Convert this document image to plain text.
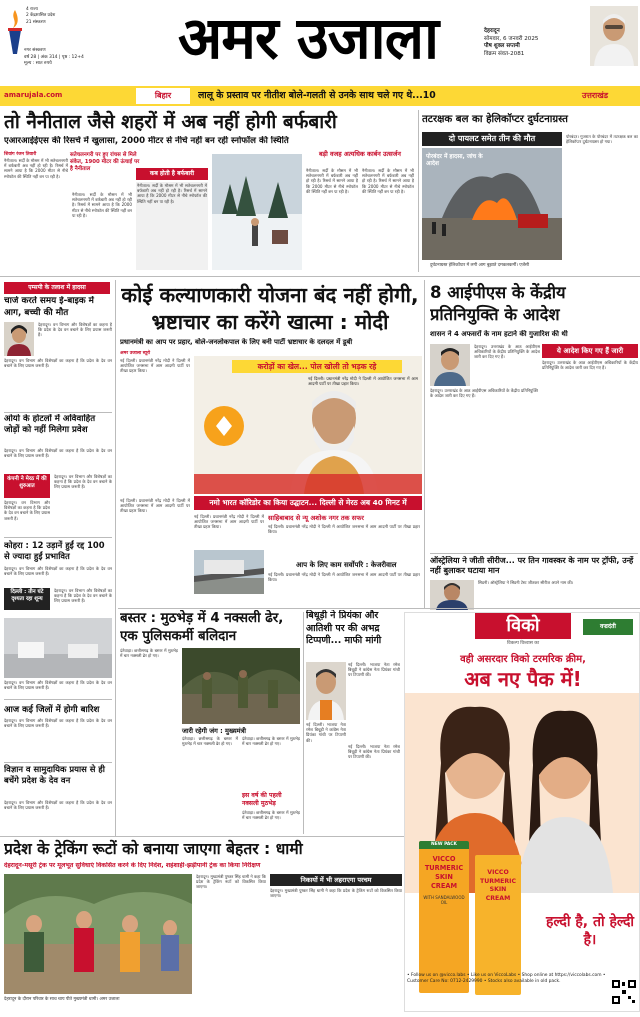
4 राज्य
2 केंद्रशासित प्रदेश
21 संस्करण
नगर संस्करण
वर्ष 28 | अंक 314 | पृष्ठ : 12+4
मूल्य : सात रुपये	अमर उजाला	देहरादून
सोमवार, 6 जनवरी 2025
पौष शुक्ल सप्तमी
विक्रम संवत-2081
amarujala.com	बिहार	लालू के प्रस्ताव पर नीतीश बोले-गलती से उनके साथ चले गए थे...10	उत्तराखंड
तो नैनीताल जैसे शहरों में अब नहीं होगी बर्फबारी
एआरआईईएस की रिसर्च में खुलासा, 2000 मीटर से नीचे नहीं बन रही स्नोफॉल की स्थिति
शिवांग रंजन तिवारी
नैनीताल। सर्दी के मौसम में भी सतेचलनगरी में बर्फबारी अब नहीं हो रही है। रिसर्च में सामने आया है कि 2000 मीटर से नीचे स्नोफॉल की स्थिति नहीं बन पा रही है।
नैनीताल। सर्दी के मौसम में भी सतेचलनगरी में बर्फबारी अब नहीं हो रही है। रिसर्च में सामने आया है कि 2000 मीटर से नीचे स्नोफॉल की स्थिति नहीं बन पा रही है।
सतेचलनगरी पर हुए रांचस से मिले संकेत, 1900 मीटर की ऊंचाई पर है नैनीताल
कब होती है बर्फबारी
नैनीताल। सर्दी के मौसम में भी सतेचलनगरी में बर्फबारी अब नहीं हो रही है। रिसर्च में सामने आया है कि 2000 मीटर से नीचे स्नोफॉल की स्थिति नहीं बन पा रही है।
बड़ी वजह अत्यधिक कार्बन उत्सर्जन
नैनीताल। सर्दी के मौसम में भी सतेचलनगरी में बर्फबारी अब नहीं हो रही है। रिसर्च में सामने आया है कि 2000 मीटर से नीचे स्नोफॉल की स्थिति नहीं बन पा रही है।
नैनीताल। सर्दी के मौसम में भी सतेचलनगरी में बर्फबारी अब नहीं हो रही है। रिसर्च में सामने आया है कि 2000 मीटर से नीचे स्नोफॉल की स्थिति नहीं बन पा रही है।
तटरक्षक बल का हेलिकॉप्टर दुर्घटनाग्रस्त
दो पायलट समेत तीन की मौत
पोरबंदर में हादसा, जांच के आदेश
पोरबंदर। गुजरात के पोरबंदर में तटरक्षक बल का हेलिकॉप्टर दुर्घटनाग्रस्त हो गया।
दुर्घटनाग्रस्त हेलिकॉप्टर में लगी आग बुझाते दमकलकर्मी। एजेंसी
एम्सपी के तलाश में हादसा
चार्ज करते समय ई-बाइक में आग, बच्ची की मौत
देहरादून। वन विभाग और विशेषज्ञों का कहना है कि प्रदेश के देव वन बचाने के लिए प्रयास जरूरी हैं।
देहरादून। वन विभाग और विशेषज्ञों का कहना है कि प्रदेश के देव वन बचाने के लिए प्रयास जरूरी हैं।
ओयो के होटलों में अविवाहित जोड़ों को नहीं मिलेगा प्रवेश
कंपनी ने मेरठ में की शुरुआत
देहरादून। वन विभाग और विशेषज्ञों का कहना है कि प्रदेश के देव वन बचाने के लिए प्रयास जरूरी हैं।
देहरादून। वन विभाग और विशेषज्ञों का कहना है कि प्रदेश के देव वन बचाने के लिए प्रयास जरूरी हैं।
देहरादून। वन विभाग और विशेषज्ञों का कहना है कि प्रदेश के देव वन बचाने के लिए प्रयास जरूरी हैं।
कोहरा : 12 उड़ानें हुईं रद्द 100 से ज्यादा हुईं प्रभावित
देहरादून। वन विभाग और विशेषज्ञों का कहना है कि प्रदेश के देव वन बचाने के लिए प्रयास जरूरी हैं।
दिल्ली : तीन घंटे दृश्यता रहा शून्य
देहरादून। वन विभाग और विशेषज्ञों का कहना है कि प्रदेश के देव वन बचाने के लिए प्रयास जरूरी हैं।
देहरादून। वन विभाग और विशेषज्ञों का कहना है कि प्रदेश के देव वन बचाने के लिए प्रयास जरूरी हैं।
आज कई जिलों में होगी बारिश
देहरादून। वन विभाग और विशेषज्ञों का कहना है कि प्रदेश के देव वन बचाने के लिए प्रयास जरूरी हैं।
विज्ञान व सामुदायिक प्रयास से ही बचेंगे प्रदेश के देव वन
देहरादून। वन विभाग और विशेषज्ञों का कहना है कि प्रदेश के देव वन बचाने के लिए प्रयास जरूरी हैं।
कोई कल्याणकारी योजना बंद नहीं होगी, भ्रष्टाचार का करेंगे खात्मा : मोदी
प्रधानमंत्री का आप पर प्रहार, बोले-जनलोकपाल के लिए बनी पार्टी भ्रष्टाचार के दलदल में डूबी
अमर उजाला ब्यूरो
नई दिल्ली। प्रधानमंत्री नरेंद्र मोदी ने दिल्ली में आयोजित जनसभा में आम आदमी पार्टी पर तीखा प्रहार किया।	करोड़ों का खेल... पोल खोली तो भड़क रहे
नई दिल्ली। प्रधानमंत्री नरेंद्र मोदी ने दिल्ली में आयोजित जनसभा में आम आदमी पार्टी पर तीखा प्रहार किया।
नमो भारत कॉरिडोर का किया उद्घाटन... दिल्ली से मेरठ अब 40 मिनट में
नई दिल्ली। प्रधानमंत्री नरेंद्र मोदी ने दिल्ली में आयोजित जनसभा में आम आदमी पार्टी पर तीखा प्रहार किया।
नई दिल्ली। प्रधानमंत्री नरेंद्र मोदी ने दिल्ली में आयोजित जनसभा में आम आदमी पार्टी पर तीखा प्रहार किया।
साहिबाबाद से न्यू अशोक नगर तक सफर
नई दिल्ली। प्रधानमंत्री नरेंद्र मोदी ने दिल्ली में आयोजित जनसभा में आम आदमी पार्टी पर तीखा प्रहार किया।
आप के लिए काम सर्वोपरि : केजरीवाल
नई दिल्ली। प्रधानमंत्री नरेंद्र मोदी ने दिल्ली में आयोजित जनसभा में आम आदमी पार्टी पर तीखा प्रहार किया।
8 आईपीएस के केंद्रीय प्रतिनियुक्ति के आदेश
शासन ने 4 अफसरों के नाम हटाने की गुजारिश की थी
देहरादून। उत्तराखंड के आठ आईपीएस अधिकारियों के केंद्रीय प्रतिनियुक्ति के आदेश जारी कर दिए गए हैं।
ये आदेश किए गए हैं जारी
देहरादून। उत्तराखंड के आठ आईपीएस अधिकारियों के केंद्रीय प्रतिनियुक्ति के आदेश जारी कर दिए गए हैं।
देहरादून। उत्तराखंड के आठ आईपीएस अधिकारियों के केंद्रीय प्रतिनियुक्ति के आदेश जारी कर दिए गए हैं।
ऑस्ट्रेलिया ने जीती सीरीज... पर तिन गावस्कर के नाम पर ट्रॉफी, उन्हें नहीं बुलाकर घटाया मान
सिडनी। ऑस्ट्रेलिया ने सिडनी टेस्ट जीतकर सीरीज अपने नाम की।
बस्तर : मुठभेड़ में 4 नक्सली ढेर, एक पुलिसकर्मी बलिदान
दंतेवाड़ा। छत्तीसगढ़ के बस्तर में मुठभेड़ में चार नक्सली ढेर हो गए।
जारी रहेगी जंग : मुख्यमंत्री
दंतेवाड़ा। छत्तीसगढ़ के बस्तर में मुठभेड़ में चार नक्सली ढेर हो गए।
दंतेवाड़ा। छत्तीसगढ़ के बस्तर में मुठभेड़ में चार नक्सली ढेर हो गए।
इस वर्ष की पहली नक्सली मुठभेड़
दंतेवाड़ा। छत्तीसगढ़ के बस्तर में मुठभेड़ में चार नक्सली ढेर हो गए।
बिधूड़ी ने प्रियंका और आतिशी पर की अभद्र टिप्पणी... माफी मांगी
नई दिल्ली। भाजपा नेता रमेश बिधूड़ी ने कांग्रेस नेता प्रियंका गांधी पर टिप्पणी की।
नई दिल्ली। भाजपा नेता रमेश बिधूड़ी ने कांग्रेस नेता प्रियंका गांधी पर टिप्पणी की।
नई दिल्ली। भाजपा नेता रमेश बिधूड़ी ने कांग्रेस नेता प्रियंका गांधी पर टिप्पणी की।
विको
विकल्प विश्वास का
वज्रदंती
वही असरदार विको टरमरिक क्रीम,
अब नए पैक में!
NEW PACK
VICCO TURMERIC SKIN CREAM
WITH SANDALWOOD OIL
VICCO TURMERIC SKIN CREAM
हल्दी है, तो हेल्दी है।
• Follow us on @vicco.labs • Like us on ViccoLabs • Shop online at https://viccolabs.com • Customer Care No: 0712-2429990 • Stocks also available in old pack.
प्रदेश के ट्रेकिंग रूटों को बनाया जाएगा बेहतर : धामी
देहरादून-मसूरी ट्रेक पर मूलभूत सुविधाएं विकसित करने के दिए निर्देश, शहंशाही-झड़ीपानी ट्रेक का किया निरीक्षण
देहरादून के दौरान परिवार के साथ चाय पीते मुख्यमंत्री धामी। अमर उजाला
देहरादून। मुख्यमंत्री पुष्कर सिंह धामी ने कहा कि प्रदेश के ट्रेकिंग रूटों को विकसित किया जाएगा।
निकायों में भी लहराएगा परचम
देहरादून। मुख्यमंत्री पुष्कर सिंह धामी ने कहा कि प्रदेश के ट्रेकिंग रूटों को विकसित किया जाएगा।
